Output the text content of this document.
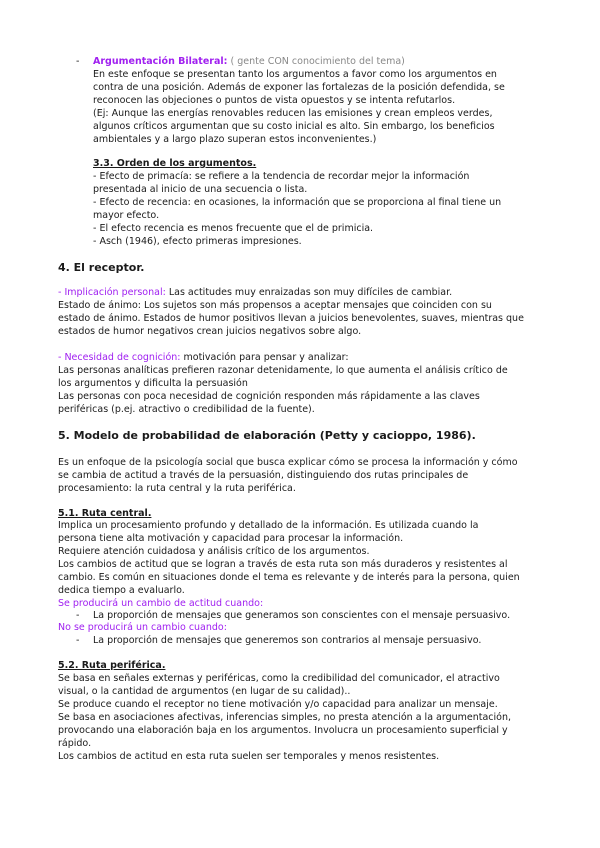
- Argumentación Bilateral: ( gente CON conocimiento del tema)

En este enfoque se presentan tanto los argumentos a favor como los argumentos en

contra de una posición. Además de exponer las fortalezas de la posición defendida, se

reconocen las objeciones o puntos de vista opuestos y se intenta refutarlos.

(Ej: Aunque las energías renovables reducen las emisiones y crean empleos verdes,

algunos críticos argumentan que su costo inicial es alto. Sin embargo, los beneficios

ambientales y a largo plazo superan estos inconvenientes.)

3.3. Orden de los argumentos.

- Efecto de primacía: se refiere a la tendencia de recordar mejor la información

presentada al inicio de una secuencia o lista.

- Efecto de recencia: en ocasiones, la información que se proporciona al final tiene un

mayor efecto.

- El efecto recencia es menos frecuente que el de primicia.

- Asch (1946), efecto primeras impresiones.

4. El receptor.

- Implicación personal: Las actitudes muy enraizadas son muy difíciles de cambiar.

Estado de ánimo: Los sujetos son más propensos a aceptar mensajes que coinciden con su

estado de ánimo. Estados de humor positivos llevan a juicios benevolentes, suaves, mientras que

estados de humor negativos crean juicios negativos sobre algo.

- Necesidad de cognición: motivación para pensar y analizar:

Las personas analíticas prefieren razonar detenidamente, lo que aumenta el análisis crítico de

los argumentos y dificulta la persuasión

Las personas con poca necesidad de cognición responden más rápidamente a las claves

periféricas (p.ej. atractivo o credibilidad de la fuente).

5. Modelo de probabilidad de elaboración (Petty y cacioppo, 1986).

Es un enfoque de la psicología social que busca explicar cómo se procesa la información y cómo

se cambia de actitud a través de la persuasión, distinguiendo dos rutas principales de

procesamiento: la ruta central y la ruta periférica.

5.1. Ruta central.

Implica un procesamiento profundo y detallado de la información. Es utilizada cuando la

persona tiene alta motivación y capacidad para procesar la información.

Requiere atención cuidadosa y análisis crítico de los argumentos.

Los cambios de actitud que se logran a través de esta ruta son más duraderos y resistentes al

cambio. Es común en situaciones donde el tema es relevante y de interés para la persona, quien

dedica tiempo a evaluarlo.

Se producirá un cambio de actitud cuando:

- La proporción de mensajes que generamos son conscientes con el mensaje persuasivo.

No se producirá un cambio cuando:

- La proporción de mensajes que generemos son contrarios al mensaje persuasivo.

5.2. Ruta periférica.

Se basa en señales externas y periféricas, como la credibilidad del comunicador, el atractivo

visual, o la cantidad de argumentos (en lugar de su calidad)..

Se produce cuando el receptor no tiene motivación y/o capacidad para analizar un mensaje.

Se basa en asociaciones afectivas, inferencias simples, no presta atención a la argumentación,

provocando una elaboración baja en los argumentos. Involucra un procesamiento superficial y

rápido.

Los cambios de actitud en esta ruta suelen ser temporales y menos resistentes.
